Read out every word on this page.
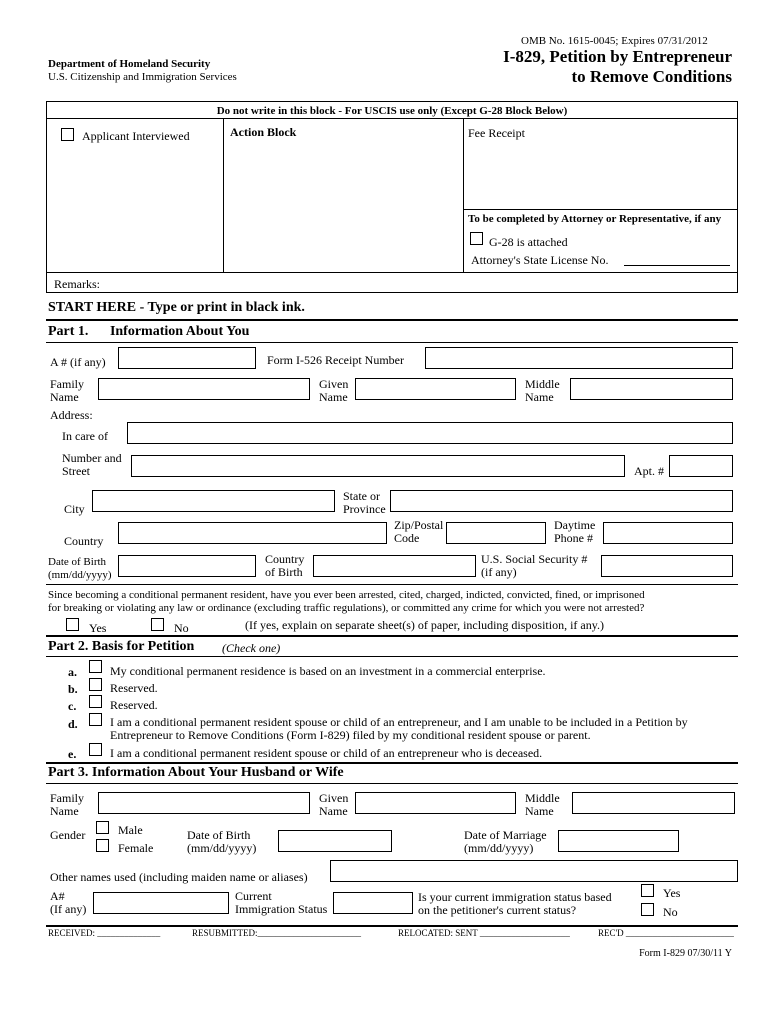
OMB No. 1615-0045; Expires 07/31/2012
Department of Homeland Security
U.S. Citizenship and Immigration Services
I-829, Petition by Entrepreneur
to Remove Conditions
Do not write in this block - For USCIS use only (Except G-28 Block Below)
Applicant Interviewed	Action Block	Fee Receipt
To be completed by Attorney or Representative, if any
G-28 is attached
Attorney's State License No.
Remarks:
START HERE - Type or print in black ink.
Part 1. Information About You
A # (if any)	Form I-526 Receipt Number
Family
Name
Given
Name
Middle
Name
Address:
In care of
Number and
Street	Apt. #
City
State or
Province
Country
Zip/Postal
Code
Daytime
Phone #
Date of Birth
(mm/dd/yyyy)
Country
of Birth
U.S. Social Security #
(if any)
Since becoming a conditional permanent resident, have you ever been arrested, cited, charged, indicted, convicted, fined, or imprisoned
for breaking or violating any law or ordinance (excluding traffic regulations), or committed any crime for which you were not arrested?
Yes	No	(If yes, explain on separate sheet(s) of paper, including disposition, if any.)
Part 2. Basis for Petition (Check one)
a.	My conditional permanent residence is based on an investment in a commercial enterprise.
b.	Reserved.
c.	Reserved.
d.	I am a conditional permanent resident spouse or child of an entrepreneur, and I am unable to be included in a Petition by
Entrepreneur to Remove Conditions (Form I-829) filed by my conditional resident spouse or parent.
e.	I am a conditional permanent resident spouse or child of an entrepreneur who is deceased.
Part 3. Information About Your Husband or Wife
Family
Name
Given
Name
Middle
Name
Gender	Male
Female
Date of Birth
(mm/dd/yyyy)
Date of Marriage
(mm/dd/yyyy)
Other names used (including maiden name or aliases)
A#
(If any)
Current
Immigration Status
Is your current immigration status based
on the petitioner's current status?
Yes
No
RECEIVED: ______________	RESUBMITTED:_______________________	RELOCATED: SENT ____________________	REC'D ________________________
Form I-829 07/30/11 Y
